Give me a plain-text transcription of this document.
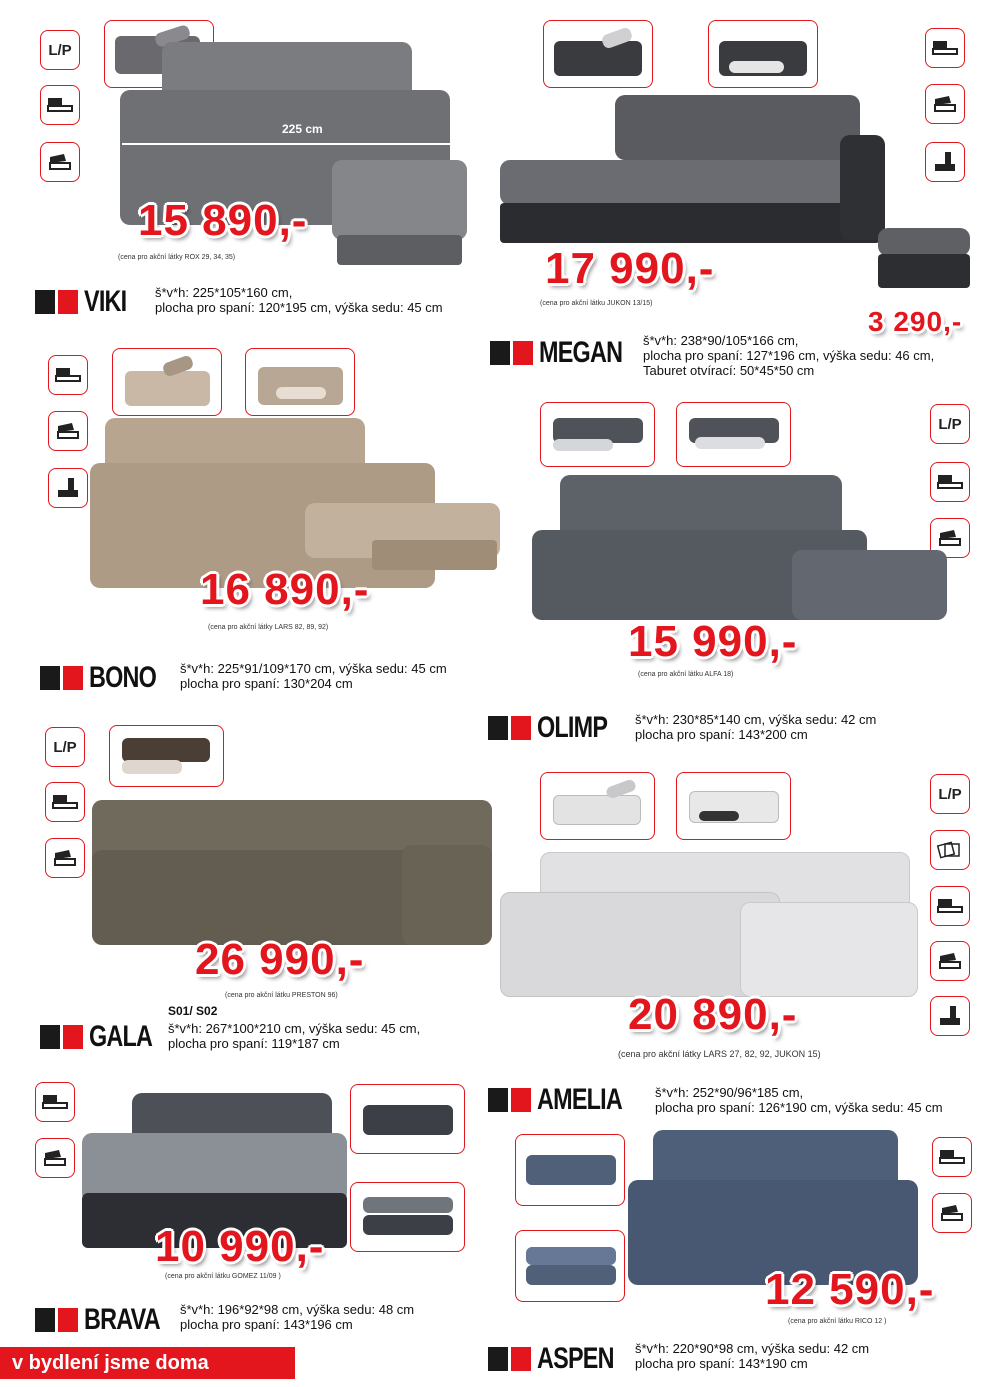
L/P
225 cm
15 890,-
(cena pro akční látky ROX 29, 34, 35)
VIKI š*v*h: 225*105*160 cm,
plocha pro spaní: 120*195 cm, výška sedu: 45 cm
17 990,-
(cena pro akční látku JUKON 13/15)
3 290,-
MEGAN š*v*h: 238*90/105*166 cm,
plocha pro spaní: 127*196 cm, výška sedu: 46 cm,
Taburet otvírací: 50*45*50 cm
16 890,-
(cena pro akční látky LARS 82, 89, 92)
BONO š*v*h: 225*91/109*170 cm, výška sedu: 45 cm
plocha pro spaní: 130*204 cm
L/P
15 990,-
(cena pro akční látku ALFA 18)
OLIMP š*v*h: 230*85*140 cm, výška sedu: 42 cm
plocha pro spaní: 143*200 cm
L/P
26 990,-
(cena pro akční látku PRESTON 96)
S01/ S02
GALA š*v*h: 267*100*210 cm, výška sedu: 45 cm,
plocha pro spaní: 119*187 cm
L/P
20 890,-
(cena pro akční látky LARS 27, 82, 92, JUKON 15)
AMELIA	š*v*h: 252*90/96*185 cm,
plocha pro spaní: 126*190 cm, výška sedu: 45 cm
10 990,-
(cena pro akční látku GOMEZ 11/09 )
BRAVA š*v*h: 196*92*98 cm, výška sedu: 48 cm
plocha pro spaní: 143*196 cm
12 590,-
(cena pro akční látku RICO 12 )
ASPEN š*v*h: 220*90*98 cm, výška sedu: 42 cm
plocha pro spaní: 143*190 cm
v bydlení jsme doma
